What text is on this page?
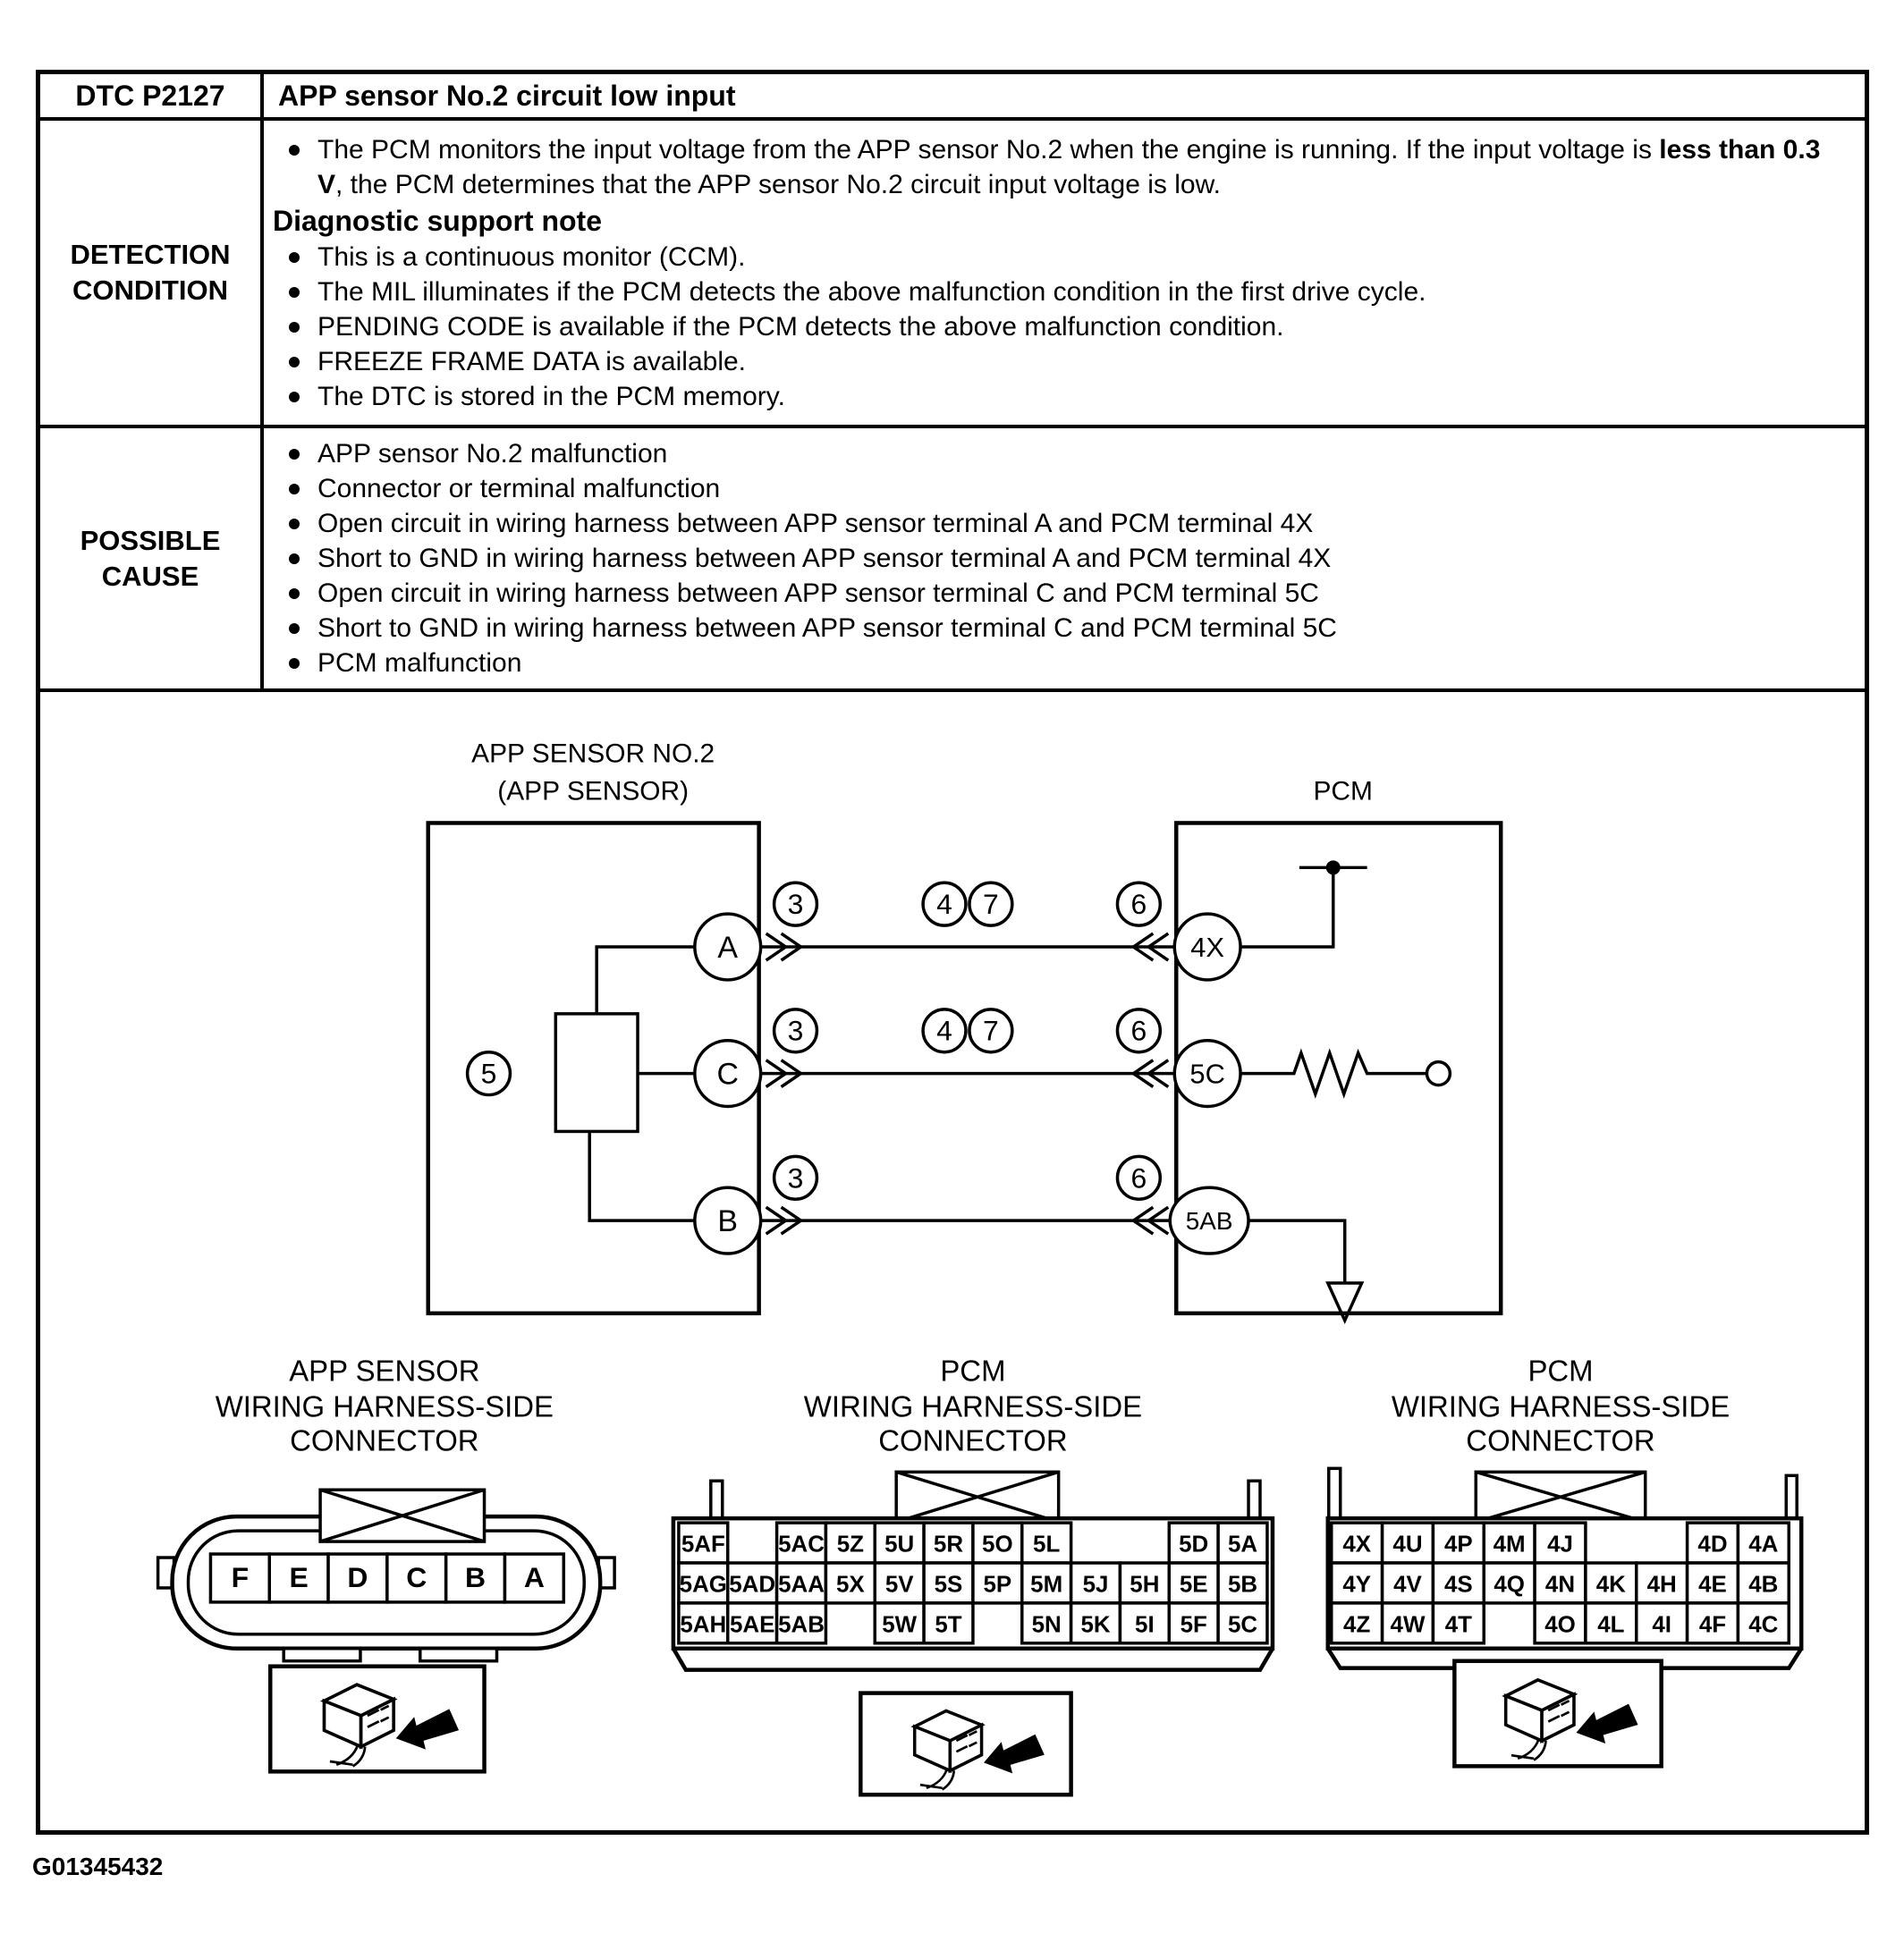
DTC P2127	APP sensor No.2 circuit low input
DETECTION
CONDITION
The PCM monitors the input voltage from the APP sensor No.2 when the engine is running. If the input voltage is less than 0.3 V, the PCM determines that the APP sensor No.2 circuit input voltage is low.
Diagnostic support note
This is a continuous monitor (CCM).
The MIL illuminates if the PCM detects the above malfunction condition in the first drive cycle.
PENDING CODE is available if the PCM detects the above malfunction condition.
FREEZE FRAME DATA is available.
The DTC is stored in the PCM memory.
POSSIBLE
CAUSE
APP sensor No.2 malfunction
Connector or terminal malfunction
Open circuit in wiring harness between APP sensor terminal A and PCM terminal 4X
Short to GND in wiring harness between APP sensor terminal A and PCM terminal 4X
Open circuit in wiring harness between APP sensor terminal C and PCM terminal 5C
Short to GND in wiring harness between APP sensor terminal C and PCM terminal 5C
PCM malfunction
APP SENSOR NO.2
(APP SENSOR)	PCM
5
A	4X
3	4 7	6
C	5C
3	4 7	6
B	5AB
3	6
APP SENSOR
WIRING HARNESS-SIDE
CONNECTOR
F E D C B A
PCM
WIRING HARNESS-SIDE
CONNECTOR
5AF 5AC 5Z 5U 5R 5O 5L	5D 5A
5AG 5AD 5AA 5X 5V 5S 5P 5M 5J 5H 5E 5B
5AH 5AE 5AB 5W 5T	5N 5K 5I 5F 5C
PCM
WIRING HARNESS-SIDE
CONNECTOR
4X 4U 4P 4M 4J	4D 4A
4Y 4V 4S 4Q 4N 4K 4H 4E 4B
4Z 4W 4T	4O 4L 4I 4F 4C
G01345432
